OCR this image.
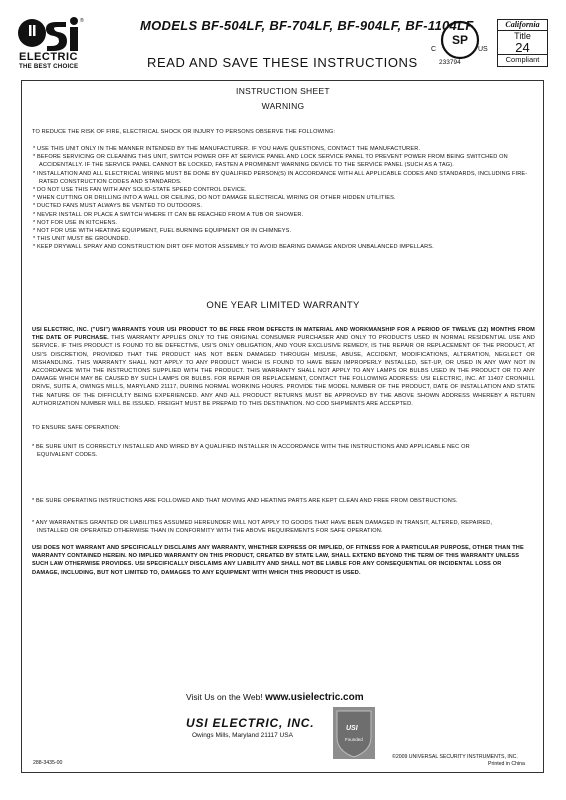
®
ELECTRIC
THE BEST CHOICE
MODELS BF-504LF, BF-704LF, BF-904LF, BF-1104LF
READ AND SAVE THESE INSTRUCTIONS
SP
C	US
233794
California
Title
24
Compliant
INSTRUCTION SHEET
WARNING
TO REDUCE THE RISK OF FIRE, ELECTRICAL SHOCK OR INJURY TO PERSONS OBSERVE THE FOLLOWING:
* USE THIS UNIT ONLY IN THE MANNER INTENDED BY THE MANUFACTURER. IF YOU HAVE QUESTIONS, CONTACT THE MANUFACTURER.
* BEFORE SERVICING OR CLEANING THIS UNIT, SWITCH POWER OFF AT SERVICE PANEL AND LOCK SERVICE PANEL TO PREVENT POWER FROM BEING SWITCHED ON ACCIDENTALLY. IF THE SERVICE PANEL CANNOT BE LOCKED, FASTEN A PROMINENT WARNING DEVICE TO THE SERVICE PANEL (SUCH AS A TAG).
* INSTALLATION AND ALL ELECTRICAL WIRING MUST BE DONE BY QUALIFIED PERSON(S) IN ACCORDANCE WITH ALL APPLICABLE CODES AND STANDARDS, INCLUDING FIRE-RATED CONSTRUCTION CODES AND STANDARDS.
* DO NOT USE THIS FAN WITH ANY SOLID-STATE SPEED CONTROL DEVICE.
* WHEN CUTTING OR DRILLING INTO A WALL OR CEILING, DO NOT DAMAGE ELECTRICAL WIRING OR OTHER HIDDEN UTILITIES.
* DUCTED FANS MUST ALWAYS BE VENTED TO OUTDOORS.
* NEVER INSTALL OR PLACE A SWITCH WHERE IT CAN BE REACHED FROM A TUB OR SHOWER.
* NOT FOR USE IN KITCHENS.
* NOT FOR USE WITH HEATING EQUIPMENT, FUEL BURNING EQUIPMENT OR IN CHIMNEYS.
* THIS UNIT MUST BE GROUNDED.
* KEEP DRYWALL SPRAY AND CONSTRUCTION DIRT OFF MOTOR ASSEMBLY TO AVOID BEARING DAMAGE AND/OR UNBALANCED IMPELLARS.
ONE YEAR LIMITED WARRANTY
USI ELECTRIC, INC. ("USI") WARRANTS YOUR USI PRODUCT TO BE FREE FROM DEFECTS IN MATERIAL AND WORKMANSHIP FOR A PERIOD OF TWELVE (12) MONTHS FROM THE DATE OF PURCHASE. THIS WARRANTY APPLIES ONLY TO THE ORIGINAL CONSUMER PURCHASER AND ONLY TO PRODUCTS USED IN NORMAL RESIDENTIAL USE AND SERVICE. IF THIS PRODUCT IS FOUND TO BE DEFECTIVE, USI'S ONLY OBLIGATION, AND YOUR EXCLUSIVE REMEDY, IS THE REPAIR OR REPLACEMENT OF THE PRODUCT, AT USI'S DISCRETION, PROVIDED THAT THE PRODUCT HAS NOT BEEN DAMAGED THROUGH MISUSE, ABUSE, ACCIDENT, MODIFICATIONS, ALTERATION, NEGLECT OR MISHANDLING. THIS WARRANTY SHALL NOT APPLY TO ANY PRODUCT WHICH IS FOUND TO HAVE BEEN IMPROPERLY INSTALLED, SET-UP, OR USED IN ANY WAY NOT IN ACCORDANCE WITH THE INSTRUCTIONS SUPPLIED WITH THE PRODUCT. THIS WARRANTY SHALL NOT APPLY TO ANY LAMPS OR BULBS USED IN THE PRODUCT OR TO ANY DAMAGE WHICH MAY BE CAUSED BY SUCH LAMPS OR BULBS. FOR REPAIR OR REPLACEMENT, CONTACT THE FOLLOWING ADDRESS: USI ELECTRIC, INC. AT 11407 CRONHILL DRIVE, SUITE A, OWINGS MILLS, MARYLAND 21117, DURING NORMAL WORKING HOURS. PROVIDE THE MODEL NUMBER OF THE PRODUCT, DATE OF INSTALLATION AND STATE THE NATURE OF THE DIFFICULTY BEING EXPERIENCED. ANY AND ALL PRODUCT RETURNS MUST BE APPROVED BY THE ABOVE SHOWN ADDRESS WHEREBY A RETURN AUTHORIZATION NUMBER WILL BE ISSUED. FREIGHT MUST BE PREPAID TO THIS DESTINATION. NO COD SHIPMENTS ARE ACCEPTED.
TO ENSURE SAFE OPERATION:
* BE SURE UNIT IS CORRECTLY INSTALLED AND WIRED BY A QUALIFIED INSTALLER IN ACCORDANCE WITH THE INSTRUCTIONS AND APPLICABLE NEC OR EQUIVALENT CODES.
* BE SURE OPERATING INSTRUCTIONS ARE FOLLOWED AND THAT MOVING AND HEATING PARTS ARE KEPT CLEAN AND FREE FROM OBSTRUCTIONS.
* ANY WARRANTIES GRANTED OR LIABILITIES ASSUMED HEREUNDER WILL NOT APPLY TO GOODS THAT HAVE BEEN DAMAGED IN TRANSIT, ALTERED, REPAIRED, INSTALLED OR OPERATED OTHERWISE THAN IN CONFORMITY WITH THE ABOVE REQUIREMENTS FOR SAFE OPERATION.
USI DOES NOT WARRANT AND SPECIFICALLY DISCLAIMS ANY WARRANTY, WHETHER EXPRESS OR IMPLIED, OF FITNESS FOR A PARTICULAR PURPOSE, OTHER THAN THE WARRANTY CONTAINED HEREIN. NO IMPLIED WARRANTY ON THIS PRODUCT, CREATED BY STATE LAW, SHALL EXTEND BEYOND THE TERM OF THIS WARRANTY UNLESS SUCH LAW OTHERWISE PROVIDES. USI SPECIFICALLY DISCLAIMS ANY LIABILITY AND SHALL NOT BE LIABLE FOR ANY CONSEQUENTIAL OR INCIDENTAL LOSS OR DAMAGE, INCLUDING, BUT NOT LIMITED TO, DAMAGES TO ANY EQUIPMENT WITH WHICH THIS PRODUCT IS USED.
Visit Us on the Web! www.usielectric.com
USI ELECTRIC, INC.
Owings Mills, Maryland 21117 USA
USI
Founded
©2009 UNIVERSAL SECURITY INSTRUMENTS, INC.
Printed in China
288-3435-00
